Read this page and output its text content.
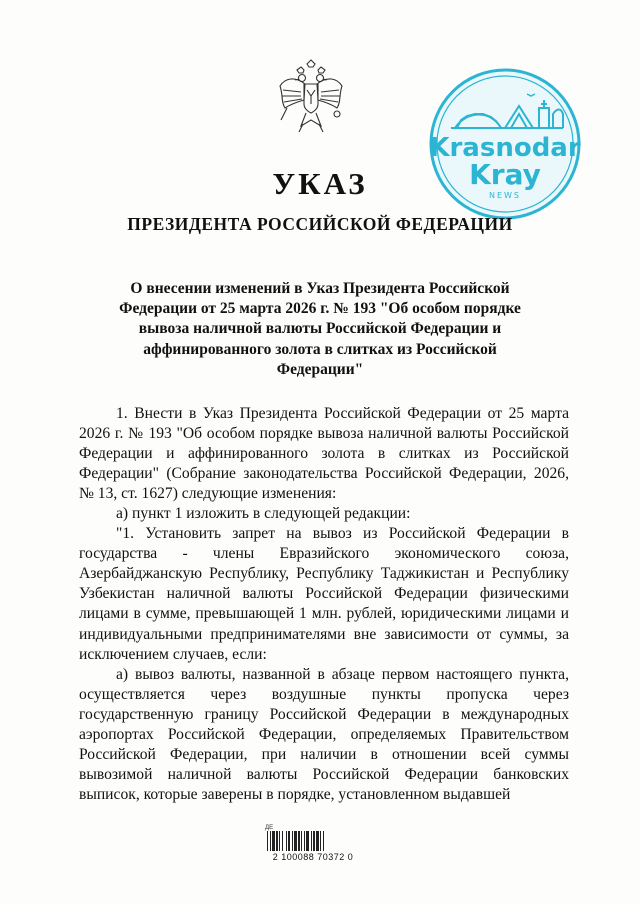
Krasnodar
Kray
NEWS
УКАЗ
ПРЕЗИДЕНТА РОССИЙСКОЙ ФЕДЕРАЦИИ
О внесении изменений в Указ Президента Российской Федерации от 25 марта 2026 г. № 193 "Об особом порядке вывоза наличной валюты Российской Федерации и аффинированного золота в слитках из Российской Федерации"

1. Внести в Указ Президента Российской Федерации от 25 марта 2026 г. № 193 "Об особом порядке вывоза наличной валюты Российской Федерации и аффинированного золота в слитках из Российской Федерации" (Собрание законодательства Российской Федерации, 2026, № 13, ст. 1627) следующие изменения:

а) пункт 1 изложить в следующей редакции:

"1. Установить запрет на вывоз из Российской Федерации в государства - члены Евразийского экономического союза, Азербайджанскую Республику, Республику Таджикистан и Республику Узбекистан наличной валюты Российской Федерации физическими лицами в сумме, превышающей 1 млн. рублей, юридическими лицами и индивидуальными предпринимателями вне зависимости от суммы, за исключением случаев, если:

а) вывоз валюты, названной в абзаце первом настоящего пункта, осуществляется через воздушные пункты пропуска через государственную границу Российской Федерации в международных аэропортах Российской Федерации, определяемых Правительством Российской Федерации, при наличии в отношении всей суммы вывозимой наличной валюты Российской Федерации банковских выписок, которые заверены в порядке, установленном выдавшей

ДЕ
2 100088 70372 0
